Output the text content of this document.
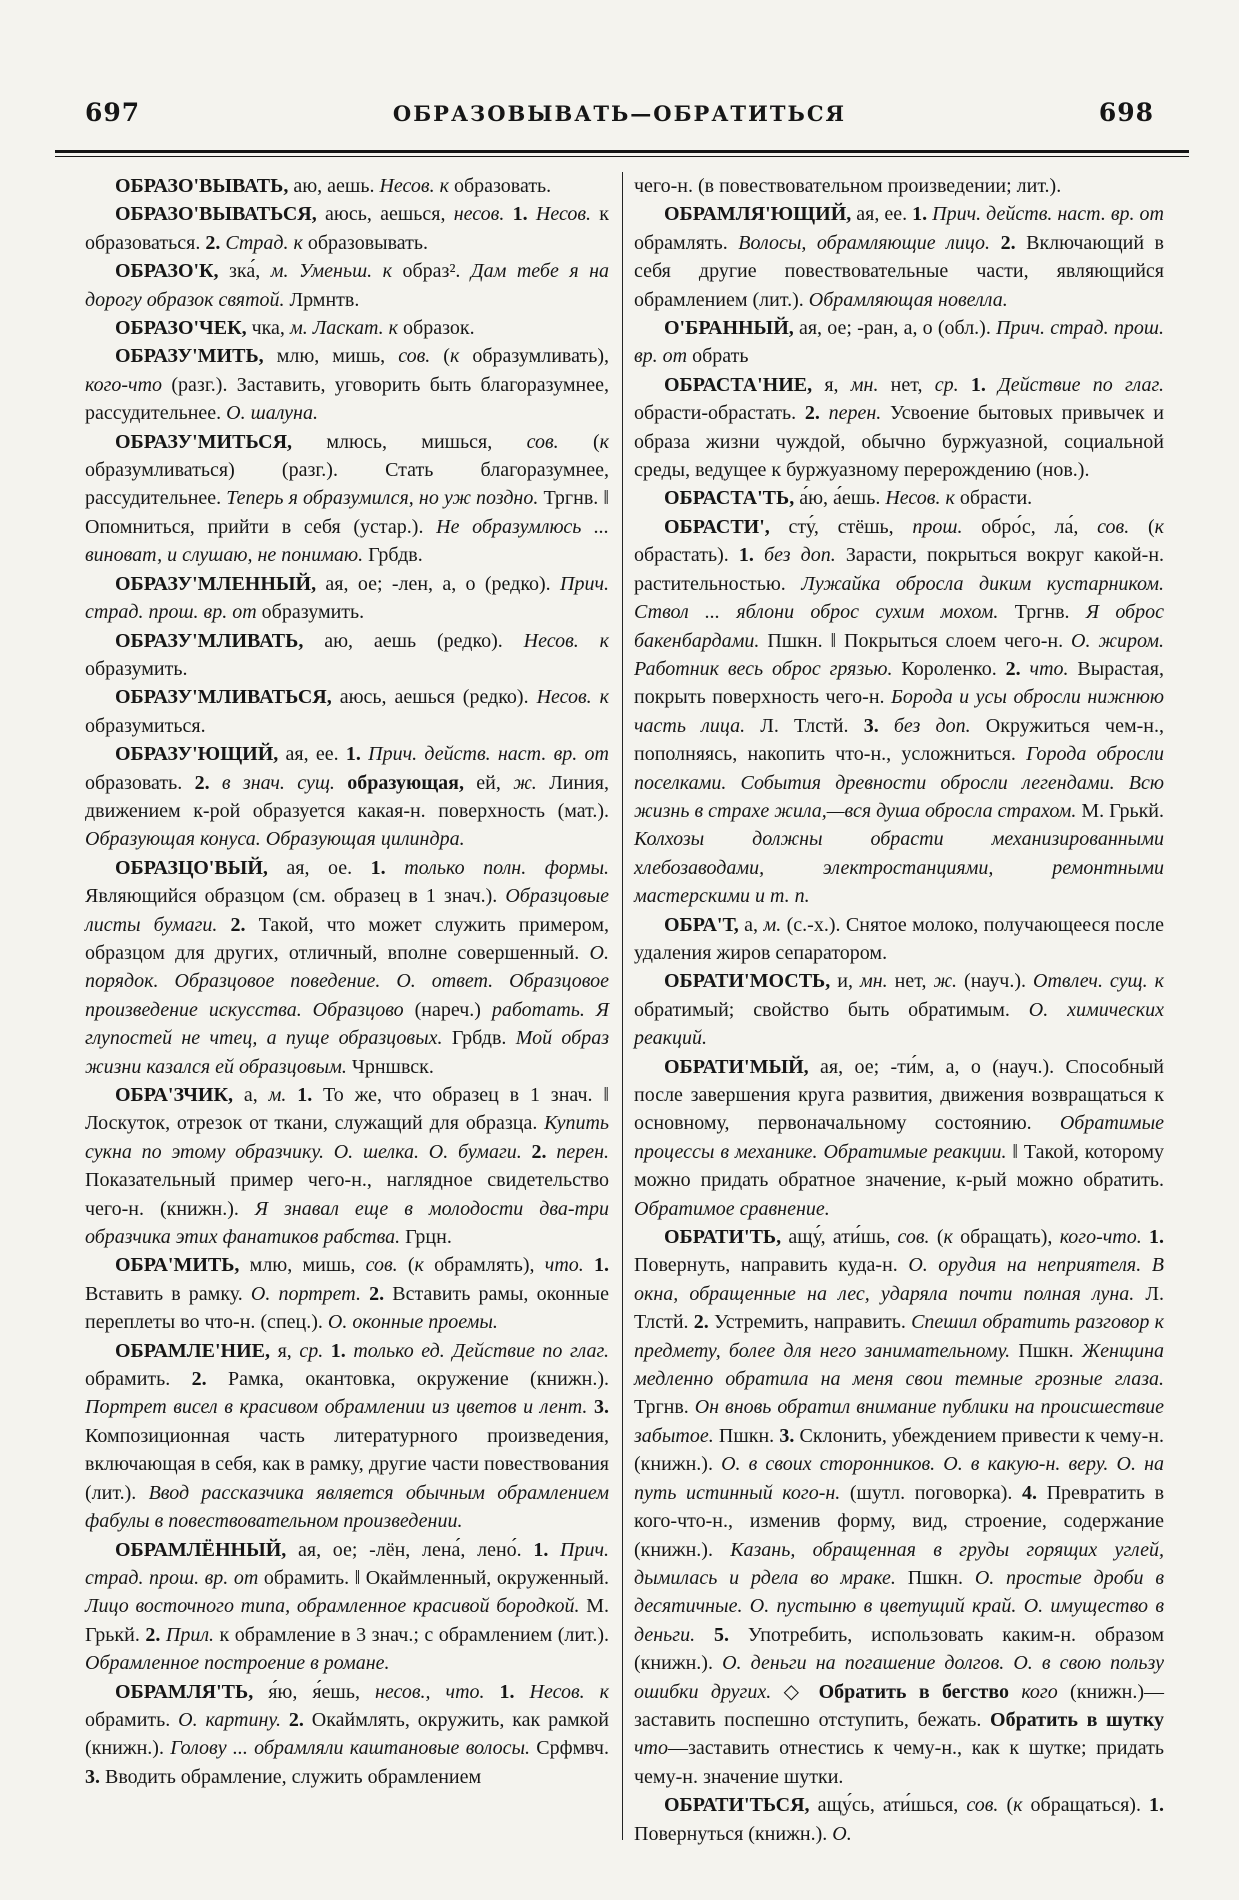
697	ОБРАЗОВЫВАТЬ—ОБРАТИТЬСЯ	698

ОБРАЗО'ВЫВАТЬ, аю, аешь. Несов. к образовать.

ОБРАЗО'ВЫВАТЬСЯ, аюсь, аешься, несов. 1. Несов. к образоваться. 2. Страд. к образовывать.

ОБРАЗО'К, зка́, м. Уменьш. к образ². Дам тебе я на дорогу образок святой. Лрмнтв.

ОБРАЗО'ЧЕК, чка, м. Ласкат. к образок.

ОБРАЗУ'МИТЬ, млю, мишь, сов. (к образумливать), кого-что (разг.). Заставить, уговорить быть благоразумнее, рассудительнее. О. шалуна.

ОБРАЗУ'МИТЬСЯ, млюсь, мишься, сов. (к образумливаться) (разг.). Стать благоразумнее, рассудительнее. Теперь я образумился, но уж поздно. Тргнв. ‖ Опомниться, прийти в себя (устар.). Не образумлюсь ... виноват, и слушаю, не понимаю. Грбдв.

ОБРАЗУ'МЛЕННЫЙ, ая, ое; -лен, а, о (редко). Прич. страд. прош. вр. от образумить.

ОБРАЗУ'МЛИВАТЬ, аю, аешь (редко). Несов. к образумить.

ОБРАЗУ'МЛИВАТЬСЯ, аюсь, аешься (редко). Несов. к образумиться.

ОБРАЗУ'ЮЩИЙ, ая, ее. 1. Прич. действ. наст. вр. от образовать. 2. в знач. сущ. образующая, ей, ж. Линия, движением к-рой образуется какая-н. поверхность (мат.). Образующая конуса. Образующая цилиндра.

ОБРАЗЦО'ВЫЙ, ая, ое. 1. только полн. формы. Являющийся образцом (см. образец в 1 знач.). Образцовые листы бумаги. 2. Такой, что может служить примером, образцом для других, отличный, вполне совершенный. О. порядок. Образцовое поведение. О. ответ. Образцовое произведение искусства. Образцово (нареч.) работать. Я глупостей не чтец, а пуще образцовых. Грбдв. Мой образ жизни казался ей образцовым. Чрншвск.

ОБРА'ЗЧИК, а, м. 1. То же, что образец в 1 знач. ‖ Лоскуток, отрезок от ткани, служащий для образца. Купить сукна по этому образчику. О. шелка. О. бумаги. 2. перен. Показательный пример чего-н., наглядное свидетельство чего-н. (книжн.). Я знавал еще в молодости два-три образчика этих фанатиков рабства. Грцн.

ОБРА'МИТЬ, млю, мишь, сов. (к обрамлять), что. 1. Вставить в рамку. О. портрет. 2. Вставить рамы, оконные переплеты во что-н. (спец.). О. оконные проемы.

ОБРАМЛЕ'НИЕ, я, ср. 1. только ед. Действие по глаг. обрамить. 2. Рамка, окантовка, окружение (книжн.). Портрет висел в красивом обрамлении из цветов и лент. 3. Композиционная часть литературного произведения, включающая в себя, как в рамку, другие части повествования (лит.). Ввод рассказчика является обычным обрамлением фабулы в повествовательном произведении.

ОБРАМЛЁННЫЙ, ая, ое; -лён, лена́, лено́. 1. Прич. страд. прош. вр. от обрамить. ‖ Окаймленный, окруженный. Лицо восточного типа, обрамленное красивой бородкой. М. Грькй. 2. Прил. к обрамление в 3 знач.; с обрамлением (лит.). Обрамленное построение в романе.

ОБРАМЛЯ'ТЬ, я́ю, я́ешь, несов., что. 1. Несов. к обрамить. О. картину. 2. Окаймлять, окружить, как рамкой (книжн.). Голову ... обрамляли каштановые волосы. Срфмвч. 3. Вводить обрамление, служить обрамлением

чего-н. (в повествовательном произведении; лит.).

ОБРАМЛЯ'ЮЩИЙ, ая, ее. 1. Прич. действ. наст. вр. от обрамлять. Волосы, обрамляющие лицо. 2. Включающий в себя другие повествовательные части, являющийся обрамлением (лит.). Обрамляющая новелла.

О'БРАННЫЙ, ая, ое; -ран, а, о (обл.). Прич. страд. прош. вр. от обрать

ОБРАСТА'НИЕ, я, мн. нет, ср. 1. Действие по глаг. обрасти-обрастать. 2. перен. Усвоение бытовых привычек и образа жизни чуждой, обычно буржуазной, социальной среды, ведущее к буржуазному перерождению (нов.).

ОБРАСТА'ТЬ, а́ю, а́ешь. Несов. к обрасти.

ОБРАСТИ', сту́, стёшь, прош. обро́с, ла́, сов. (к обрастать). 1. без доп. Зарасти, покрыться вокруг какой-н. растительностью. Лужайка обросла диким кустарником. Ствол ... яблони оброс сухим мохом. Тргнв. Я оброс бакенбардами. Пшкн. ‖ Покрыться слоем чего-н. О. жиром. Работник весь оброс грязью. Короленко. 2. что. Вырастая, покрыть поверхность чего-н. Борода и усы обросли нижнюю часть лица. Л. Тлстй. 3. без доп. Окружиться чем-н., пополняясь, накопить что-н., усложниться. Города обросли поселками. События древности обросли легендами. Всю жизнь в страхе жила,—вся душа обросла страхом. М. Грькй. Колхозы должны обрасти механизированными хлебозаводами, электростанциями, ремонтными мастерскими и т. п.

ОБРА'Т, а, м. (с.-х.). Снятое молоко, получающееся после удаления жиров сепаратором.

ОБРАТИ'МОСТЬ, и, мн. нет, ж. (науч.). Отвлеч. сущ. к обратимый; свойство быть обратимым. О. химических реакций.

ОБРАТИ'МЫЙ, ая, ое; -ти́м, а, о (науч.). Способный после завершения круга развития, движения возвращаться к основному, первоначальному состоянию. Обратимые процессы в механике. Обратимые реакции. ‖ Такой, которому можно придать обратное значение, к-рый можно обратить. Обратимое сравнение.

ОБРАТИ'ТЬ, ащу́, ати́шь, сов. (к обращать), кого-что. 1. Повернуть, направить куда-н. О. орудия на неприятеля. В окна, обращенные на лес, ударяла почти полная луна. Л. Тлстй. 2. Устремить, направить. Спешил обратить разговор к предмету, более для него занимательному. Пшкн. Женщина медленно обратила на меня свои темные грозные глаза. Тргнв. Он вновь обратил внимание публики на происшествие забытое. Пшкн. 3. Склонить, убеждением привести к чему-н. (книжн.). О. в своих сторонников. О. в какую-н. веру. О. на путь истинный кого-н. (шутл. поговорка). 4. Превратить в кого-что-н., изменив форму, вид, строение, содержание (книжн.). Казань, обращенная в груды горящих углей, дымилась и рдела во мраке. Пшкн. О. простые дроби в десятичные. О. пустыню в цветущий край. О. имущество в деньги. 5. Употребить, использовать каким-н. образом (книжн.). О. деньги на погашение долгов. О. в свою пользу ошибки других. ◇ Обратить в бегство кого (книжн.)—заставить поспешно отступить, бежать. Обратить в шутку что—заставить отнестись к чему-н., как к шутке; придать чему-н. значение шутки.

ОБРАТИ'ТЬСЯ, ащу́сь, ати́шься, сов. (к обращаться). 1. Повернуться (книжн.). О.
